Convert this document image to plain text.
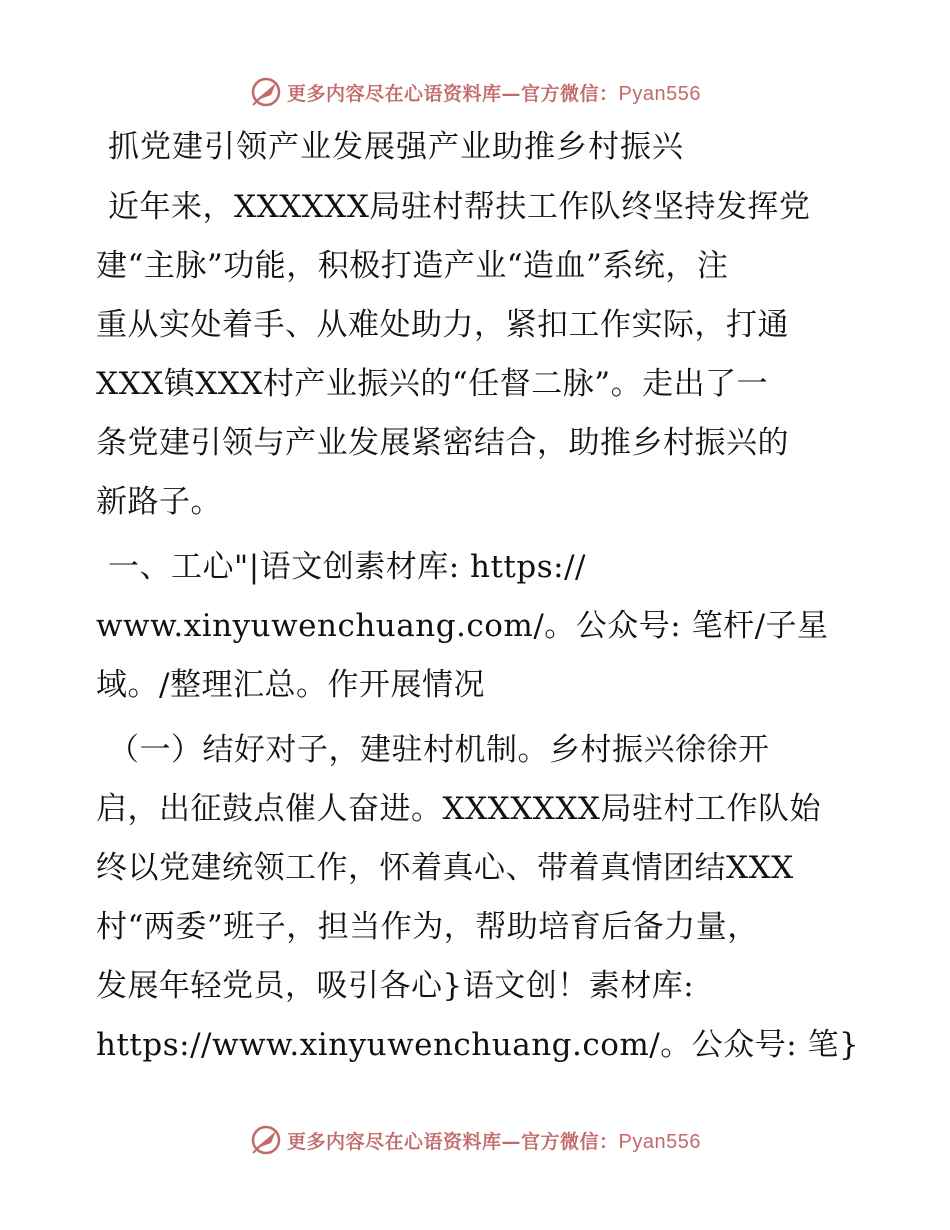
更多内容尽在心语资料库—官方微信：Pyan556
抓党建引领产业发展强产业助推乡村振兴
近年来，XXXXXX局驻村帮扶工作队终坚持发挥党
建“主脉”功能，积极打造产业“造血”系统，注
重从实处着手、从难处助力，紧扣工作实际，打通
XXX镇XXX村产业振兴的“任督二脉”。走出了一
条党建引领与产业发展紧密结合，助推乡村振兴的
新路子。
一、工心"|语文创素材库: https://
www.xinyuwenchuang.com/。公众号: 笔杆/子星
域。/整理汇总。作开展情况
（一）结好对子，建驻村机制。乡村振兴徐徐开
启，出征鼓点催人奋进。XXXXXXX局驻村工作队始
终以党建统领工作，怀着真心、带着真情团结XXX
村“两委”班子，担当作为，帮助培育后备力量，
发展年轻党员，吸引各心}语文创！素材库:
https://www.xinyuwenchuang.com/。公众号: 笔}
更多内容尽在心语资料库—官方微信：Pyan556
